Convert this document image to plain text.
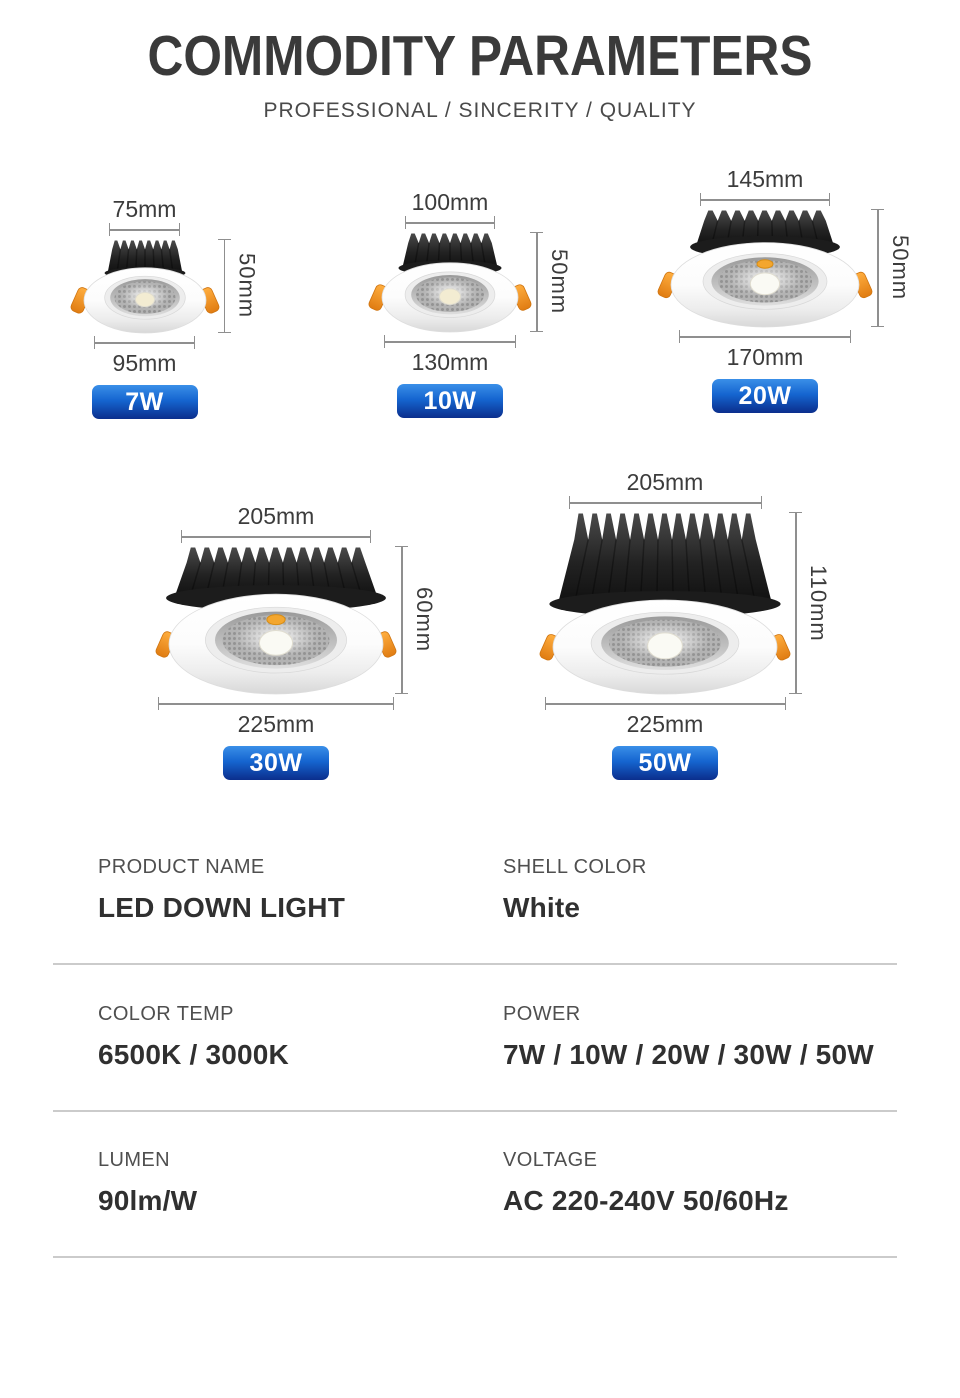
COMMODITY PARAMETERS
PROFESSIONAL / SINCERITY / QUALITY
75mm
50mm
95mm
7W
100mm
50mm
130mm
10W
145mm
50mm
170mm
20W
205mm
60mm
225mm
30W
205mm
110mm
225mm
50W
PRODUCT NAME
LED DOWN LIGHT
SHELL COLOR
White
COLOR TEMP
6500K / 3000K
POWER
7W / 10W / 20W / 30W / 50W
LUMEN
90lm/W
VOLTAGE
AC 220-240V 50/60Hz
